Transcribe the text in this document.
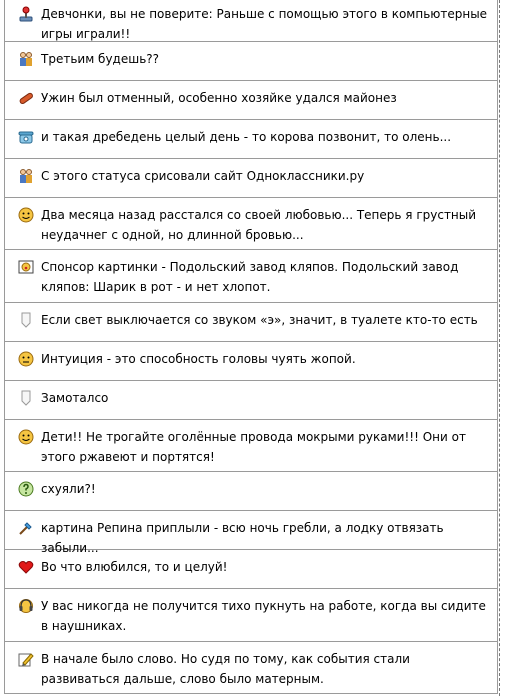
Девчонки, вы не поверите: Раньше с помощью этого в компьютерные игры играли!!
Третьим будешь??
Ужин был отменный, особенно хозяйке удался майонез
и такая дребедень целый день - то корова позвонит, то олень...
С этого статуса срисовали сайт Одноклассники.ру
Два месяца назад расстался со своей любовью... Теперь я грустный неудачнег с одной, но длинной бровью...
Спонсор картинки - Подольский завод кляпов. Подольский завод кляпов: Шарик в рот - и нет хлопот.
Если свет выключается со звуком «э», значит, в туалете кто-то есть
Интуиция - это способность головы чуять жопой.
Замоталсо
Дети!! Не трогайте оголённые провода мокрыми руками!!! Они от этого ржавеют и портятся!
схуяли?!
картина Репина приплыли - всю ночь гребли, а лодку отвязать забыли...
Во что влюбился, то и целуй!
У вас никогда не получится тихо пукнуть на работе, когда вы сидите в наушниках.
В начале было слово. Но судя по тому, как события стали развиваться дальше, слово было матерным.
